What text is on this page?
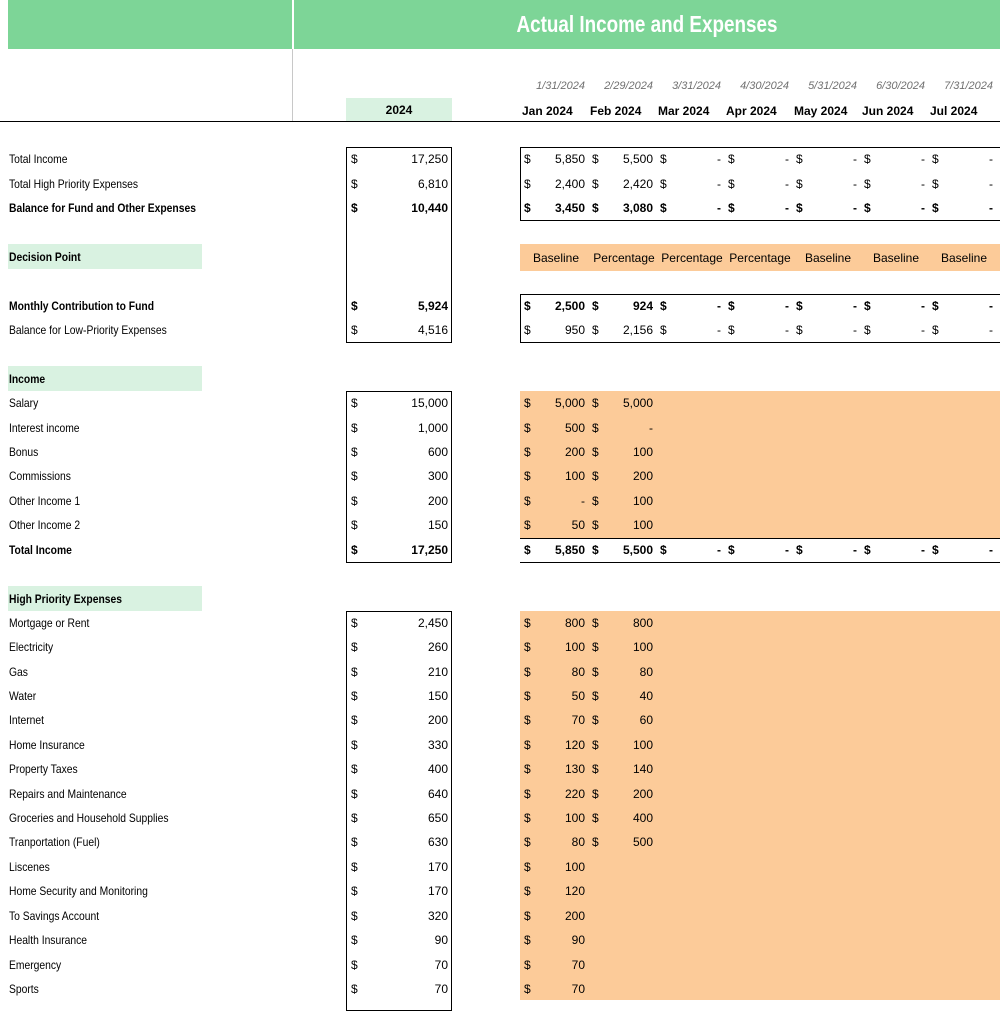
Actual Income and Expenses
2024
1/31/2024	2/29/2024	3/31/2024	4/30/2024	5/31/2024	6/30/2024	7/31/2024
Jan 2024 Feb 2024 Mar 2024 Apr 2024 May 2024 Jun 2024 Jul 2024
Total Income	$	17,250	$	5,850 $	5,500 $	- $	- $	- $	- $	-
Total High Priority Expenses	$	6,810	$	2,400 $	2,420 $	- $	- $	- $	- $	-
Balance for Fund and Other Expenses	$	10,440	$	3,450 $	3,080 $	- $	- $	- $	- $	-
Decision Point	Baseline	Percentage Percentage Percentage	Baseline	Baseline	Baseline
Monthly Contribution to Fund	$	5,924	$	2,500 $	924 $	- $	- $	- $	- $	-
Balance for Low-Priority Expenses	$	4,516	$	950 $	2,156 $	- $	- $	- $	- $	-
Income
Salary	$	15,000	$	5,000 $	5,000
Interest income	$	1,000	$	500 $	-
Bonus	$	600	$	200 $	100
Commissions	$	300	$	100 $	200
Other Income 1	$	200	$	- $	100
Other Income 2	$	150	$	50 $	100
Total Income	$	17,250	$	5,850 $	5,500 $	- $	- $	- $	- $	-
High Priority Expenses
Mortgage or Rent	$	2,450	$	800 $	800
Electricity	$	260	$	100 $	100
Gas	$	210	$	80 $	80
Water	$	150	$	50 $	40
Internet	$	200	$	70 $	60
Home Insurance	$	330	$	120 $	100
Property Taxes	$	400	$	130 $	140
Repairs and Maintenance	$	640	$	220 $	200
Groceries and Household Supplies	$	650	$	100 $	400
Tranportation (Fuel)	$	630	$	80 $	500
Liscenes	$	170	$	100
Home Security and Monitoring	$	170	$	120
To Savings Account	$	320	$	200
Health Insurance	$	90	$	90
Emergency	$	70	$	70
Sports	$	70	$	70
